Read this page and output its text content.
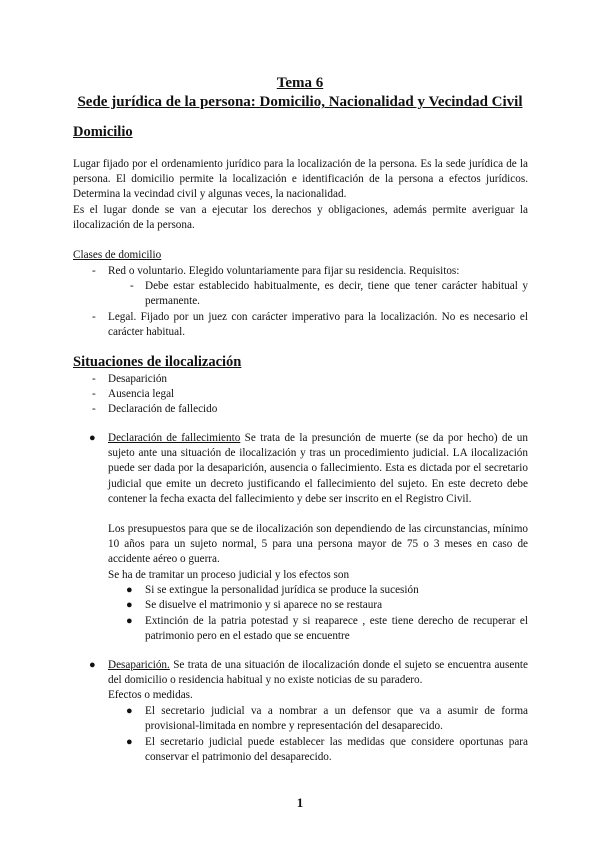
Tema 6

Sede jurídica de la persona: Domicilio, Nacionalidad y Vecindad Civil

Domicilio

Lugar fijado por el ordenamiento jurídico para la localización de la persona. Es la sede jurídica de la persona. El domicilio permite la localización e identificación de la persona a efectos jurídicos. Determina la vecindad civil y algunas veces, la nacionalidad.

Es el lugar donde se van a ejecutar los derechos y obligaciones, además permite averiguar la ilocalización de la persona.

Clases de domicilio

- Red o voluntario. Elegido voluntariamente para fijar su residencia. Requisitos:

- Debe estar establecido habitualmente, es decir, tiene que tener carácter habitual y permanente.

- Legal. Fijado por un juez con carácter imperativo para la localización. No es necesario el carácter habitual.

Situaciones de ilocalización

- Desaparición

- Ausencia legal

- Declaración de fallecido

● Declaración de fallecimiento Se trata de la presunción de muerte (se da por hecho) de un sujeto ante una situación de ilocalización y tras un procedimiento judicial. LA ilocalización puede ser dada por la desaparición, ausencia o fallecimiento. Esta es dictada por el secretario judicial que emite un decreto justificando el fallecimiento del sujeto. En este decreto debe contener la fecha exacta del fallecimiento y debe ser inscrito en el Registro Civil.

Los presupuestos para que se de ilocalización son dependiendo de las circunstancias, mínimo 10 años para un sujeto normal, 5 para una persona mayor de 75 o 3 meses en caso de accidente aéreo o guerra.

Se ha de tramitar un proceso judicial y los efectos son

● Si se extingue la personalidad jurídica se produce la sucesión

● Se disuelve el matrimonio y si aparece no se restaura

● Extinción de la patria potestad y si reaparece , este tiene derecho de recuperar el patrimonio pero en el estado que se encuentre

● Desaparición. Se trata de una situación de ilocalización donde el sujeto se encuentra ausente del domicilio o residencia habitual y no existe noticias de su paradero.

Efectos o medidas.

● El secretario judicial va a nombrar a un defensor que va a asumir de forma provisional-limitada en nombre y representación del desaparecido.

● El secretario judicial puede establecer las medidas que considere oportunas para conservar el patrimonio del desaparecido.

1
